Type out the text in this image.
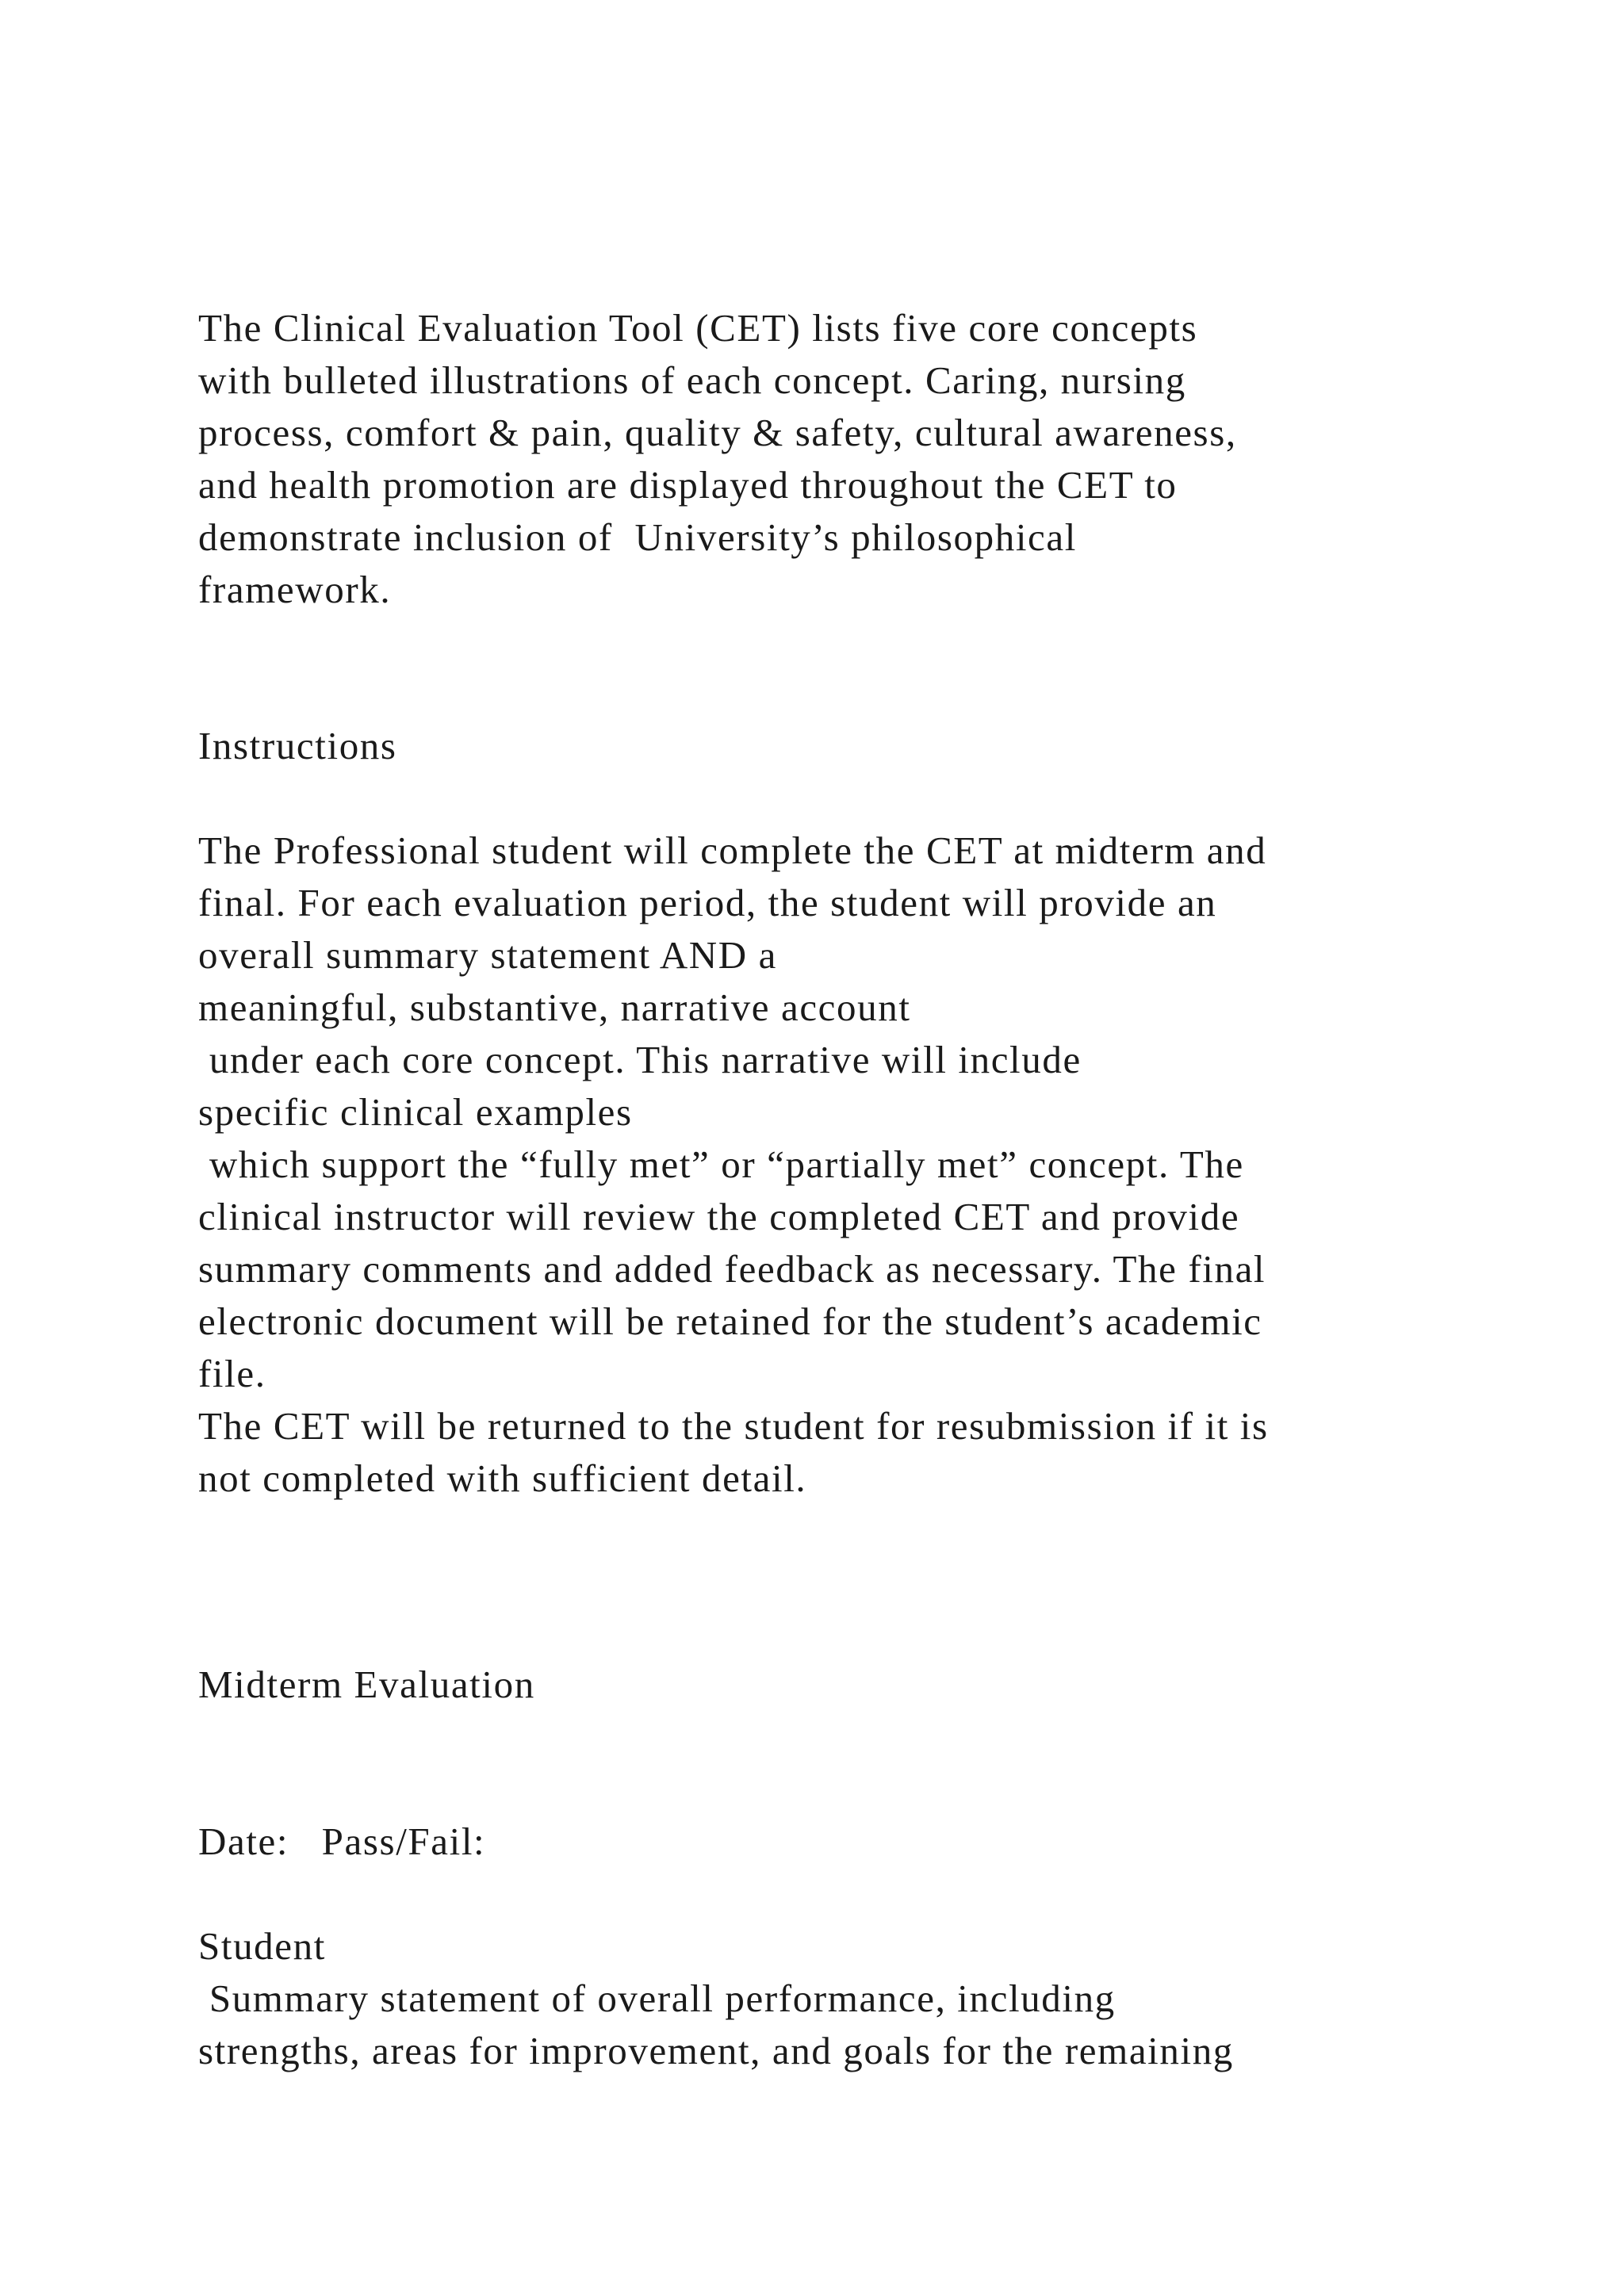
The Clinical Evaluation Tool (CET) lists five core concepts
with bulleted illustrations of each concept. Caring, nursing
process, comfort & pain, quality & safety, cultural awareness,
and health promotion are displayed throughout the CET to
demonstrate inclusion of  University’s philosophical
framework.
Instructions
The Professional student will complete the CET at midterm and
final. For each evaluation period, the student will provide an
overall summary statement AND a
meaningful, substantive, narrative account
under each core concept. This narrative will include
specific clinical examples
which support the “fully met” or “partially met” concept. The
clinical instructor will review the completed CET and provide
summary comments and added feedback as necessary. The final
electronic document will be retained for the student’s academic
file.
The CET will be returned to the student for resubmission if it is
not completed with sufficient detail.
Midterm Evaluation
Date:   Pass/Fail:
Student
Summary statement of overall performance, including
strengths, areas for improvement, and goals for the remaining
